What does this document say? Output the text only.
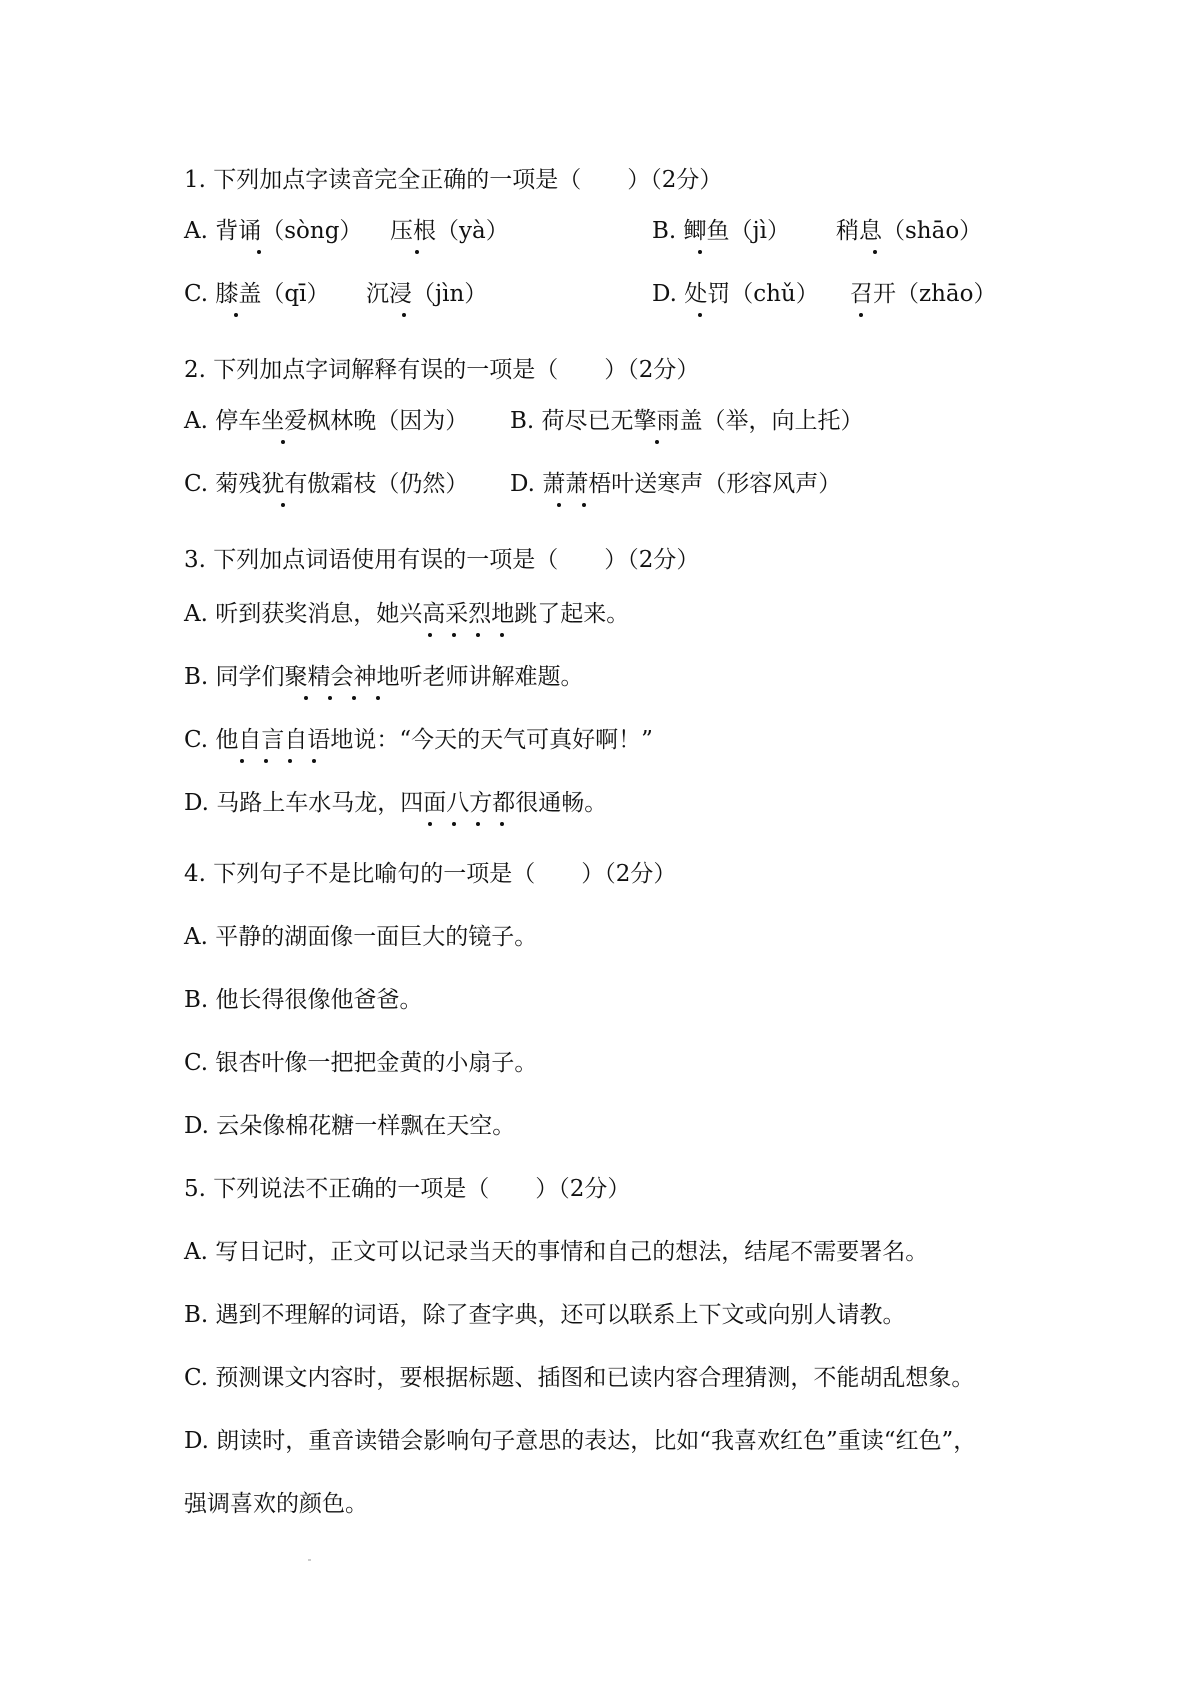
1. 下列加点字读音完全正确的一项是（　　）（2分）
A. 背诵（sòng） 压根（yà）	B. 鲫鱼（jì） 稍息（shāo）
C. 膝盖（qī） 沉浸（jìn）	D. 处罚（chǔ） 召开（zhāo）
2. 下列加点字词解释有误的一项是（　　）（2分）
A. 停车坐爱枫林晚（因为） B. 荷尽已无擎雨盖（举，向上托）
C. 菊残犹有傲霜枝（仍然） D. 萧萧梧叶送寒声（形容风声）
3. 下列加点词语使用有误的一项是（　　）（2分）
A. 听到获奖消息，她兴高采烈地跳了起来。
B. 同学们聚精会神地听老师讲解难题。
C. 他自言自语地说：“今天的天气可真好啊！”
D. 马路上车水马龙，四面八方都很通畅。
4. 下列句子不是比喻句的一项是（　　）（2分）
A. 平静的湖面像一面巨大的镜子。
B. 他长得很像他爸爸。
C. 银杏叶像一把把金黄的小扇子。
D. 云朵像棉花糖一样飘在天空。
5. 下列说法不正确的一项是（　　）（2分）
A. 写日记时，正文可以记录当天的事情和自己的想法，结尾不需要署名。
B. 遇到不理解的词语，除了查字典，还可以联系上下文或向别人请教。
C. 预测课文内容时，要根据标题、插图和已读内容合理猜测，不能胡乱想象。
D. 朗读时，重音读错会影响句子意思的表达，比如“我喜欢红色”重读“红色”，
强调喜欢的颜色。
